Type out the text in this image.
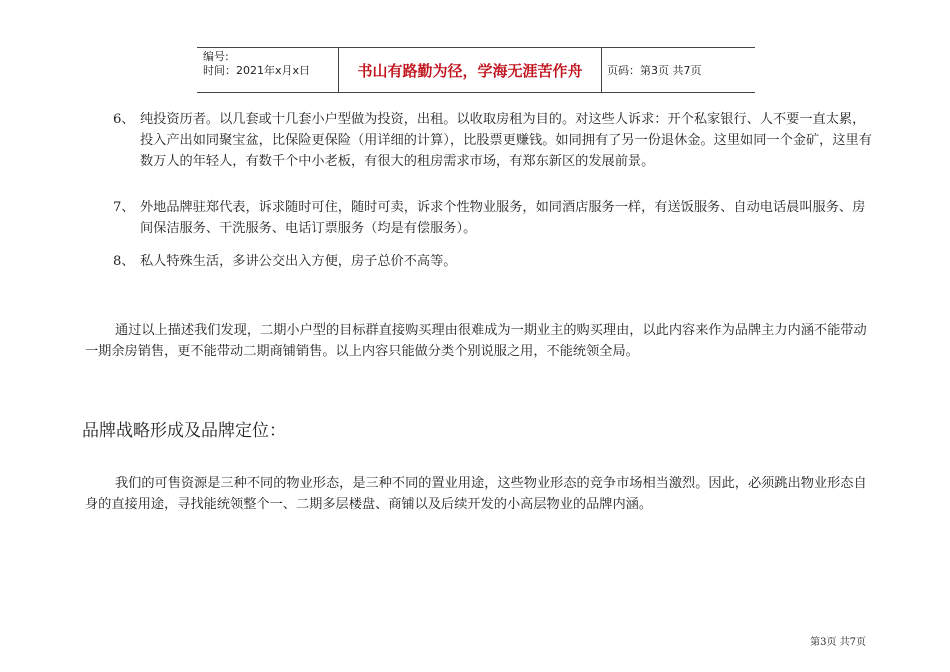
编号:
时间：2021年x月x日	书山有路勤为径，学海无涯苦作舟	页码：第3页 共7页
6、 纯投资历者。以几套或十几套小户型做为投资，出租。以收取房租为目的。对这些人诉求：开个私家银行、人不要一直太累，投入产出如同聚宝盆，比保险更保险（用详细的计算），比股票更赚钱。如同拥有了另一份退休金。这里如同一个金矿，这里有数万人的年轻人，有数千个中小老板，有很大的租房需求市场，有郑东新区的发展前景。
7、 外地品牌驻郑代表，诉求随时可住，随时可卖，诉求个性物业服务，如同酒店服务一样，有送饭服务、自动电话晨叫服务、房间保洁服务、干洗服务、电话订票服务（均是有偿服务）。
8、 私人特殊生活，多讲公交出入方便，房子总价不高等。
通过以上描述我们发现，二期小户型的目标群直接购买理由很难成为一期业主的购买理由，以此内容来作为品牌主力内涵不能带动一期余房销售，更不能带动二期商铺销售。以上内容只能做分类个别说服之用，不能统领全局。
品牌战略形成及品牌定位：
我们的可售资源是三种不同的物业形态，是三种不同的置业用途，这些物业形态的竞争市场相当激烈。因此，必须跳出物业形态自身的直接用途，寻找能统领整个一、二期多层楼盘、商铺以及后续开发的小高层物业的品牌内涵。
第3页 共7页
